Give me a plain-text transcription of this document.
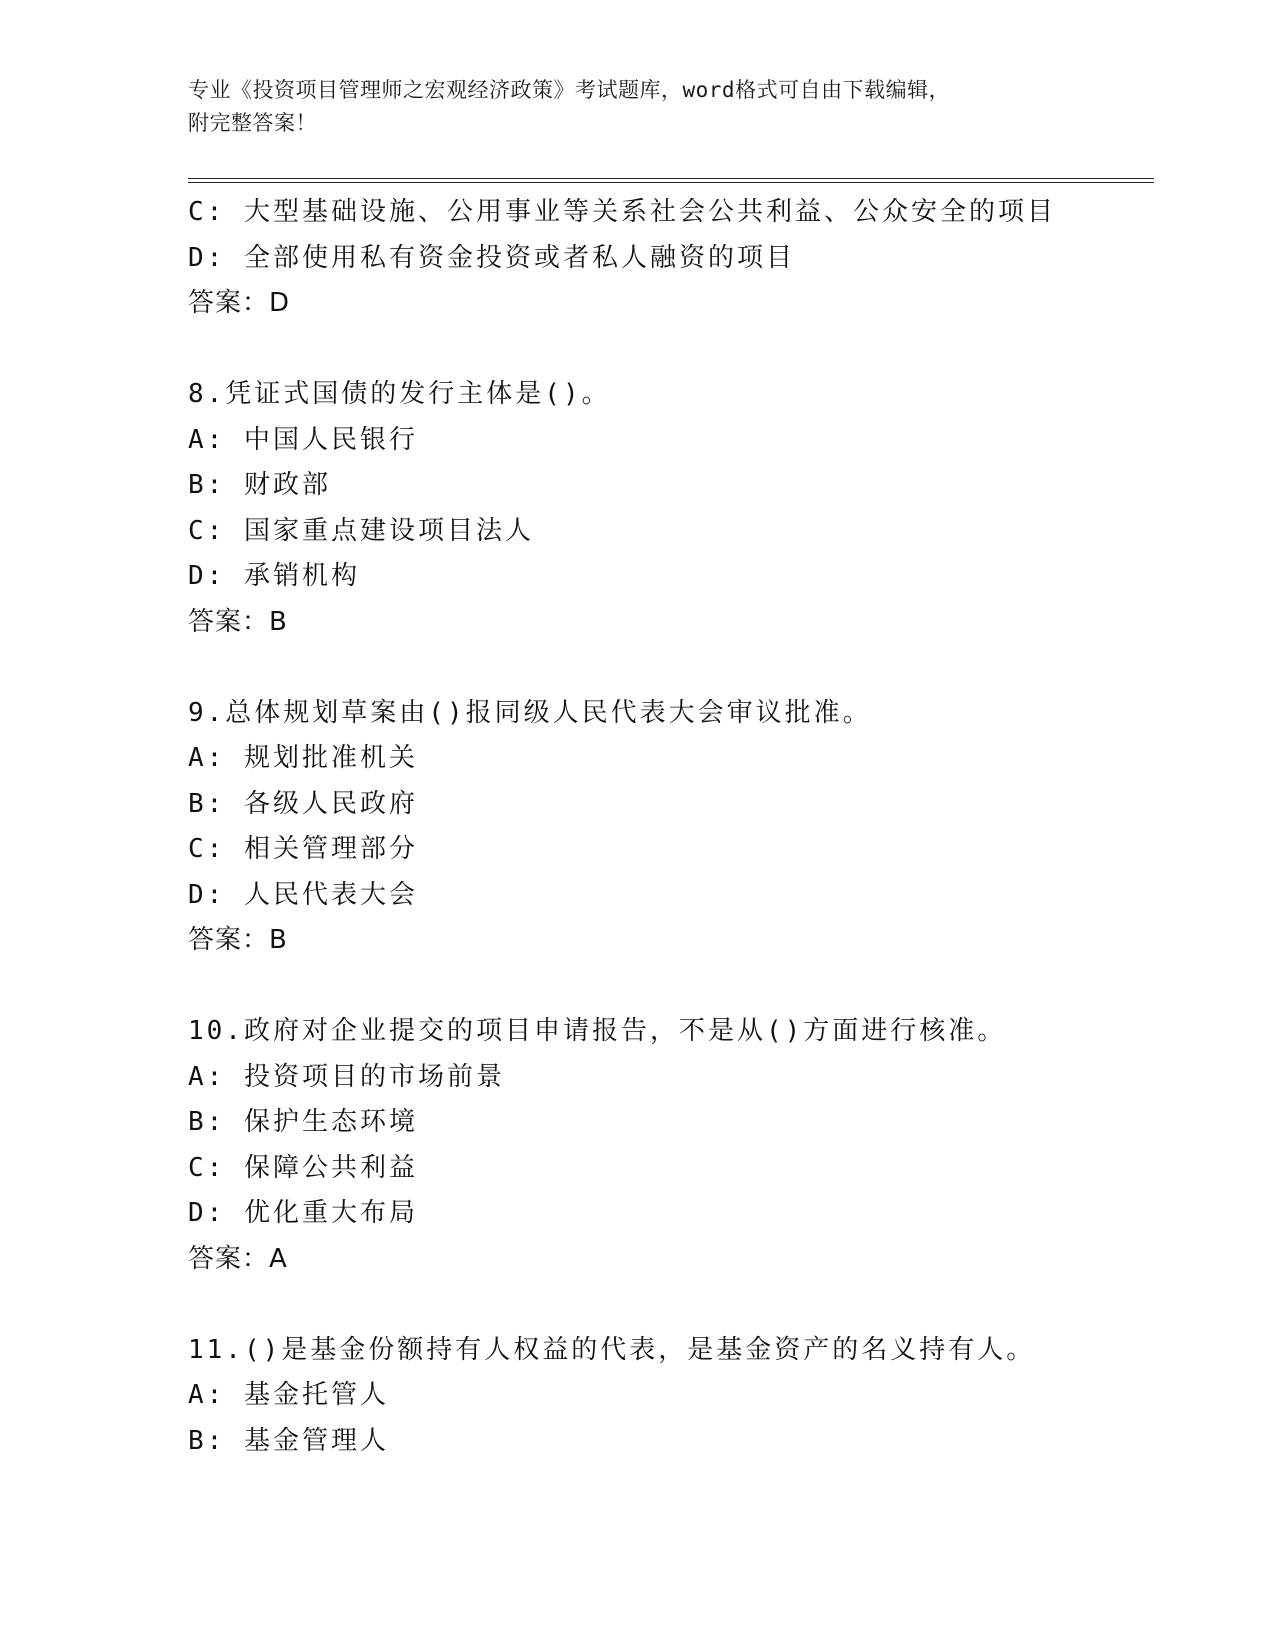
专业《投资项目管理师之宏观经济政策》考试题库，word格式可自由下载编辑，
附完整答案！
C: 大型基础设施、公用事业等关系社会公共利益、公众安全的项目
D: 全部使用私有资金投资或者私人融资的项目
答案：D
8.凭证式国债的发行主体是()。
A: 中国人民银行
B: 财政部
C: 国家重点建设项目法人
D: 承销机构
答案：B
9.总体规划草案由()报同级人民代表大会审议批准。
A: 规划批准机关
B: 各级人民政府
C: 相关管理部分
D: 人民代表大会
答案：B
10.政府对企业提交的项目申请报告，不是从()方面进行核准。
A: 投资项目的市场前景
B: 保护生态环境
C: 保障公共利益
D: 优化重大布局
答案：A
11.()是基金份额持有人权益的代表，是基金资产的名义持有人。
A: 基金托管人
B: 基金管理人
